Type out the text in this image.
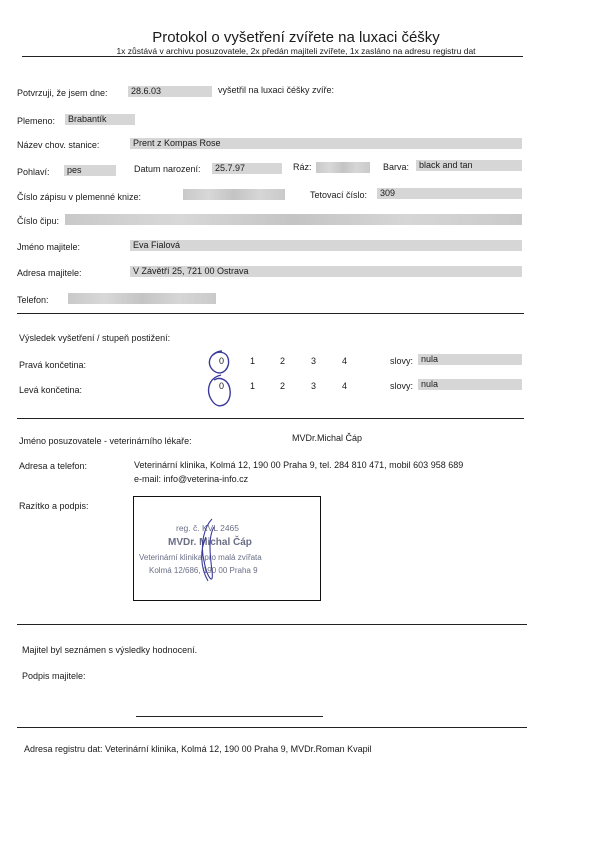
Protokol o vyšetření zvířete na luxaci čéšky
1x zůstává v archivu posuzovatele, 2x předán majiteli zvířete, 1x zasláno na adresu registru dat
Potvrzuji, že jsem dne:	28.6.03	vyšetřil na luxaci čéšky zvíře:
Plemeno:	Brabantík
Název chov. stanice:	Prent z Kompas Rose
Pohlaví:	pes	Datum narození:	25.7.97	Ráz:	Barva:	black and tan
Číslo zápisu v plemenné knize:	Tetovací číslo:	309
Číslo čipu:
Jméno majitele:	Eva Fialová
Adresa majitele:	V Závětří 25, 721 00 Ostrava
Telefon:
Výsledek vyšetření / stupeň postižení:
Pravá končetina:	0	1	2	3	4	slovy: nula
Levá končetina:	0	1	2	3	4	slovy: nula
Jméno posuzovatele - veterinárního lékaře:	MVDr.Michal Čáp
Adresa a telefon:	Veterinární klinika, Kolmá 12, 190 00 Praha 9, tel. 284 810 471, mobil 603 958 689
e-mail: info@veterina-info.cz
Razítko a podpis:
reg. č. KVL 2465
MVDr. Michal Čáp
Veterinární klinika pro malá zvířata
Kolmá 12/686, 190 00 Praha 9
Majitel byl seznámen s výsledky hodnocení.
Podpis majitele:
Adresa registru dat: Veterinární klinika, Kolmá 12, 190 00 Praha 9, MVDr.Roman Kvapil
